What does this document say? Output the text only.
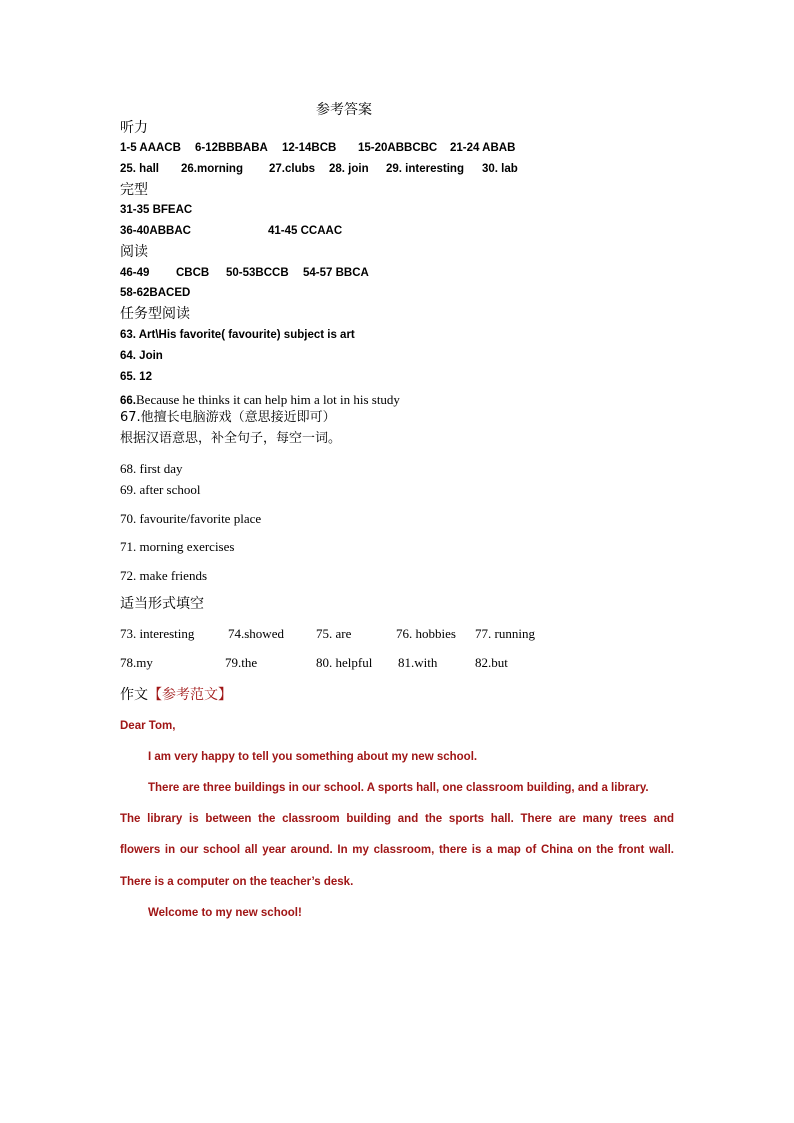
参考答案
听力
1-5 AAACB 6-12BBBABA 12-14BCB 15-20ABBCBC 21-24 ABAB
25. hall 26.morning 27.clubs 28. join 29. interesting 30. lab
完型
31-35 BFEAC
36-40ABBAC	41-45 CCAAC
阅读
46-49 CBCB 50-53BCCB 54-57 BBCA
58-62BACED
任务型阅读
63. Art\His favorite( favourite) subject is art
64. Join
65. 12
66.Because he thinks it can help him a lot in his study
67.他擅长电脑游戏（意思接近即可）
根据汉语意思，补全句子，每空一词。
68. first day
69. after school
70. favourite/favorite place
71. morning exercises
72. make friends
适当形式填空
73. interesting	74.showed 75. are	76. hobbies 77. running
78.my	79.the	80. helpful 81.with	82.but
作文【参考范文】
Dear Tom,
I am very happy to tell you something about my new school.
There are three buildings in our school. A sports hall, one classroom building, and a library.
The library is between the classroom building and the sports hall. There are many trees and
flowers in our school all year around. In my classroom, there is a map of China on the front wall.
There is a computer on the teacher’s desk.
Welcome to my new school!
